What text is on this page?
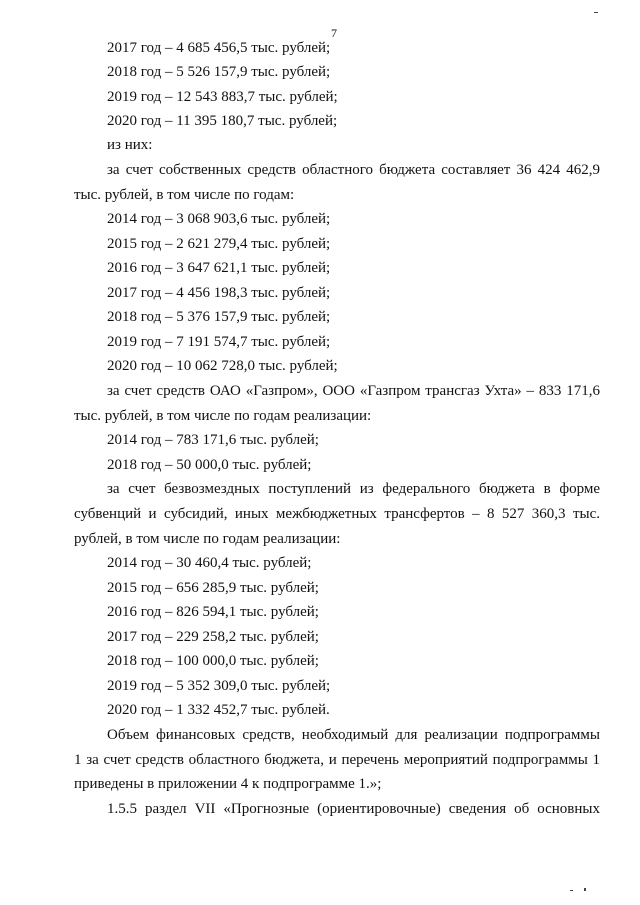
7
2017 год – 4 685 456,5 тыс. рублей;
2018 год – 5 526 157,9 тыс. рублей;
2019 год – 12 543 883,7 тыс. рублей;
2020 год – 11 395 180,7 тыс. рублей;
из них:
за счет собственных средств областного бюджета составляет 36 424 462,9
тыс. рублей, в том числе по годам:
2014 год – 3 068 903,6 тыс. рублей;
2015 год – 2 621 279,4 тыс. рублей;
2016 год – 3 647 621,1 тыс. рублей;
2017 год – 4 456 198,3 тыс. рублей;
2018 год – 5 376 157,9 тыс. рублей;
2019 год – 7 191 574,7 тыс. рублей;
2020 год – 10 062 728,0 тыс. рублей;
за счет средств ОАО «Газпром», ООО «Газпром трансгаз Ухта» – 833 171,6
тыс. рублей, в том числе по годам реализации:
2014 год – 783 171,6 тыс. рублей;
2018 год – 50 000,0 тыс. рублей;
за счет безвозмездных поступлений из федерального бюджета в форме
субвенций и субсидий, иных межбюджетных трансфертов – 8 527 360,3 тыс.
рублей, в том числе по годам реализации:
2014 год – 30 460,4 тыс. рублей;
2015 год – 656 285,9 тыс. рублей;
2016 год – 826 594,1 тыс. рублей;
2017 год – 229 258,2 тыс. рублей;
2018 год – 100 000,0 тыс. рублей;
2019 год – 5 352 309,0 тыс. рублей;
2020 год – 1 332 452,7 тыс. рублей.
Объем финансовых средств, необходимый для реализации подпрограммы
1 за счет средств областного бюджета, и перечень мероприятий подпрограммы 1
приведены в приложении 4 к подпрограмме 1.»;
1.5.5 раздел VII «Прогнозные (ориентировочные) сведения об основных
